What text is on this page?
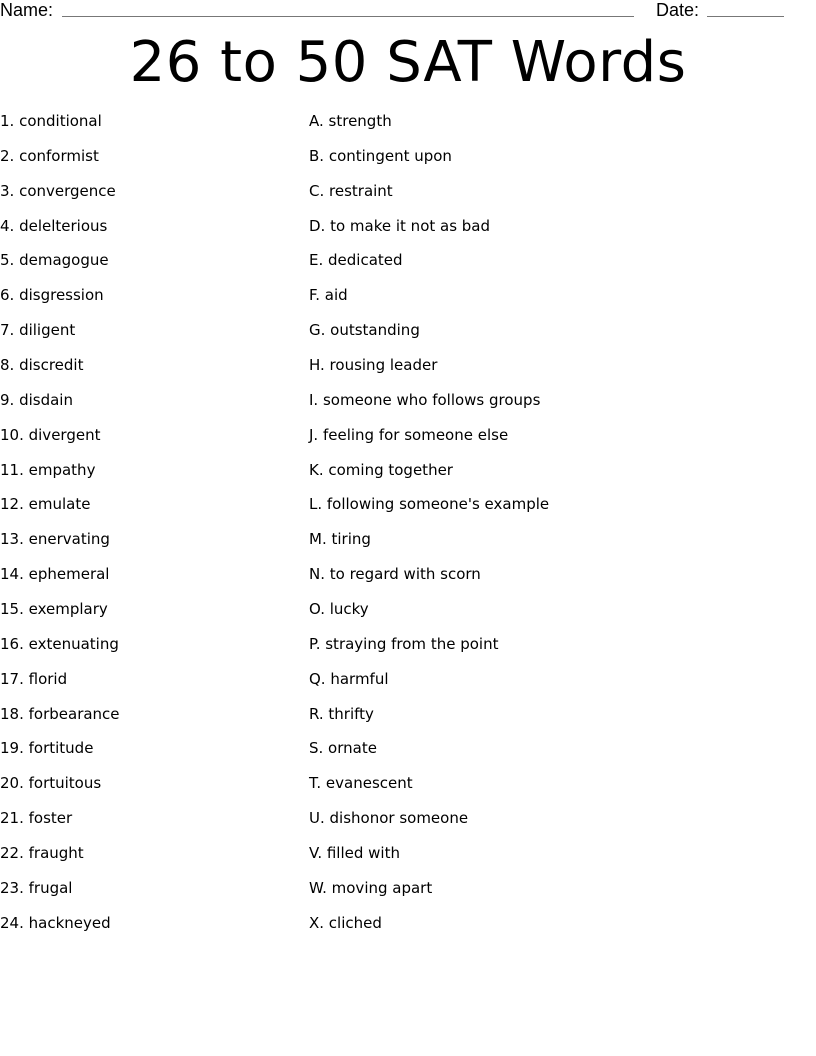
Name:	Date:
26 to 50 SAT Words
1. conditional	A. strength
2. conformist	B. contingent upon
3. convergence	C. restraint
4. delelterious	D. to make it not as bad
5. demagogue	E. dedicated
6. disgression	F. aid
7. diligent	G. outstanding
8. discredit	H. rousing leader
9. disdain	I. someone who follows groups
10. divergent	J. feeling for someone else
11. empathy	K. coming together
12. emulate	L. following someone's example
13. enervating	M. tiring
14. ephemeral	N. to regard with scorn
15. exemplary	O. lucky
16. extenuating	P. straying from the point
17. florid	Q. harmful
18. forbearance	R. thrifty
19. fortitude	S. ornate
20. fortuitous	T. evanescent
21. foster	U. dishonor someone
22. fraught	V. filled with
23. frugal	W. moving apart
24. hackneyed	X. cliched
